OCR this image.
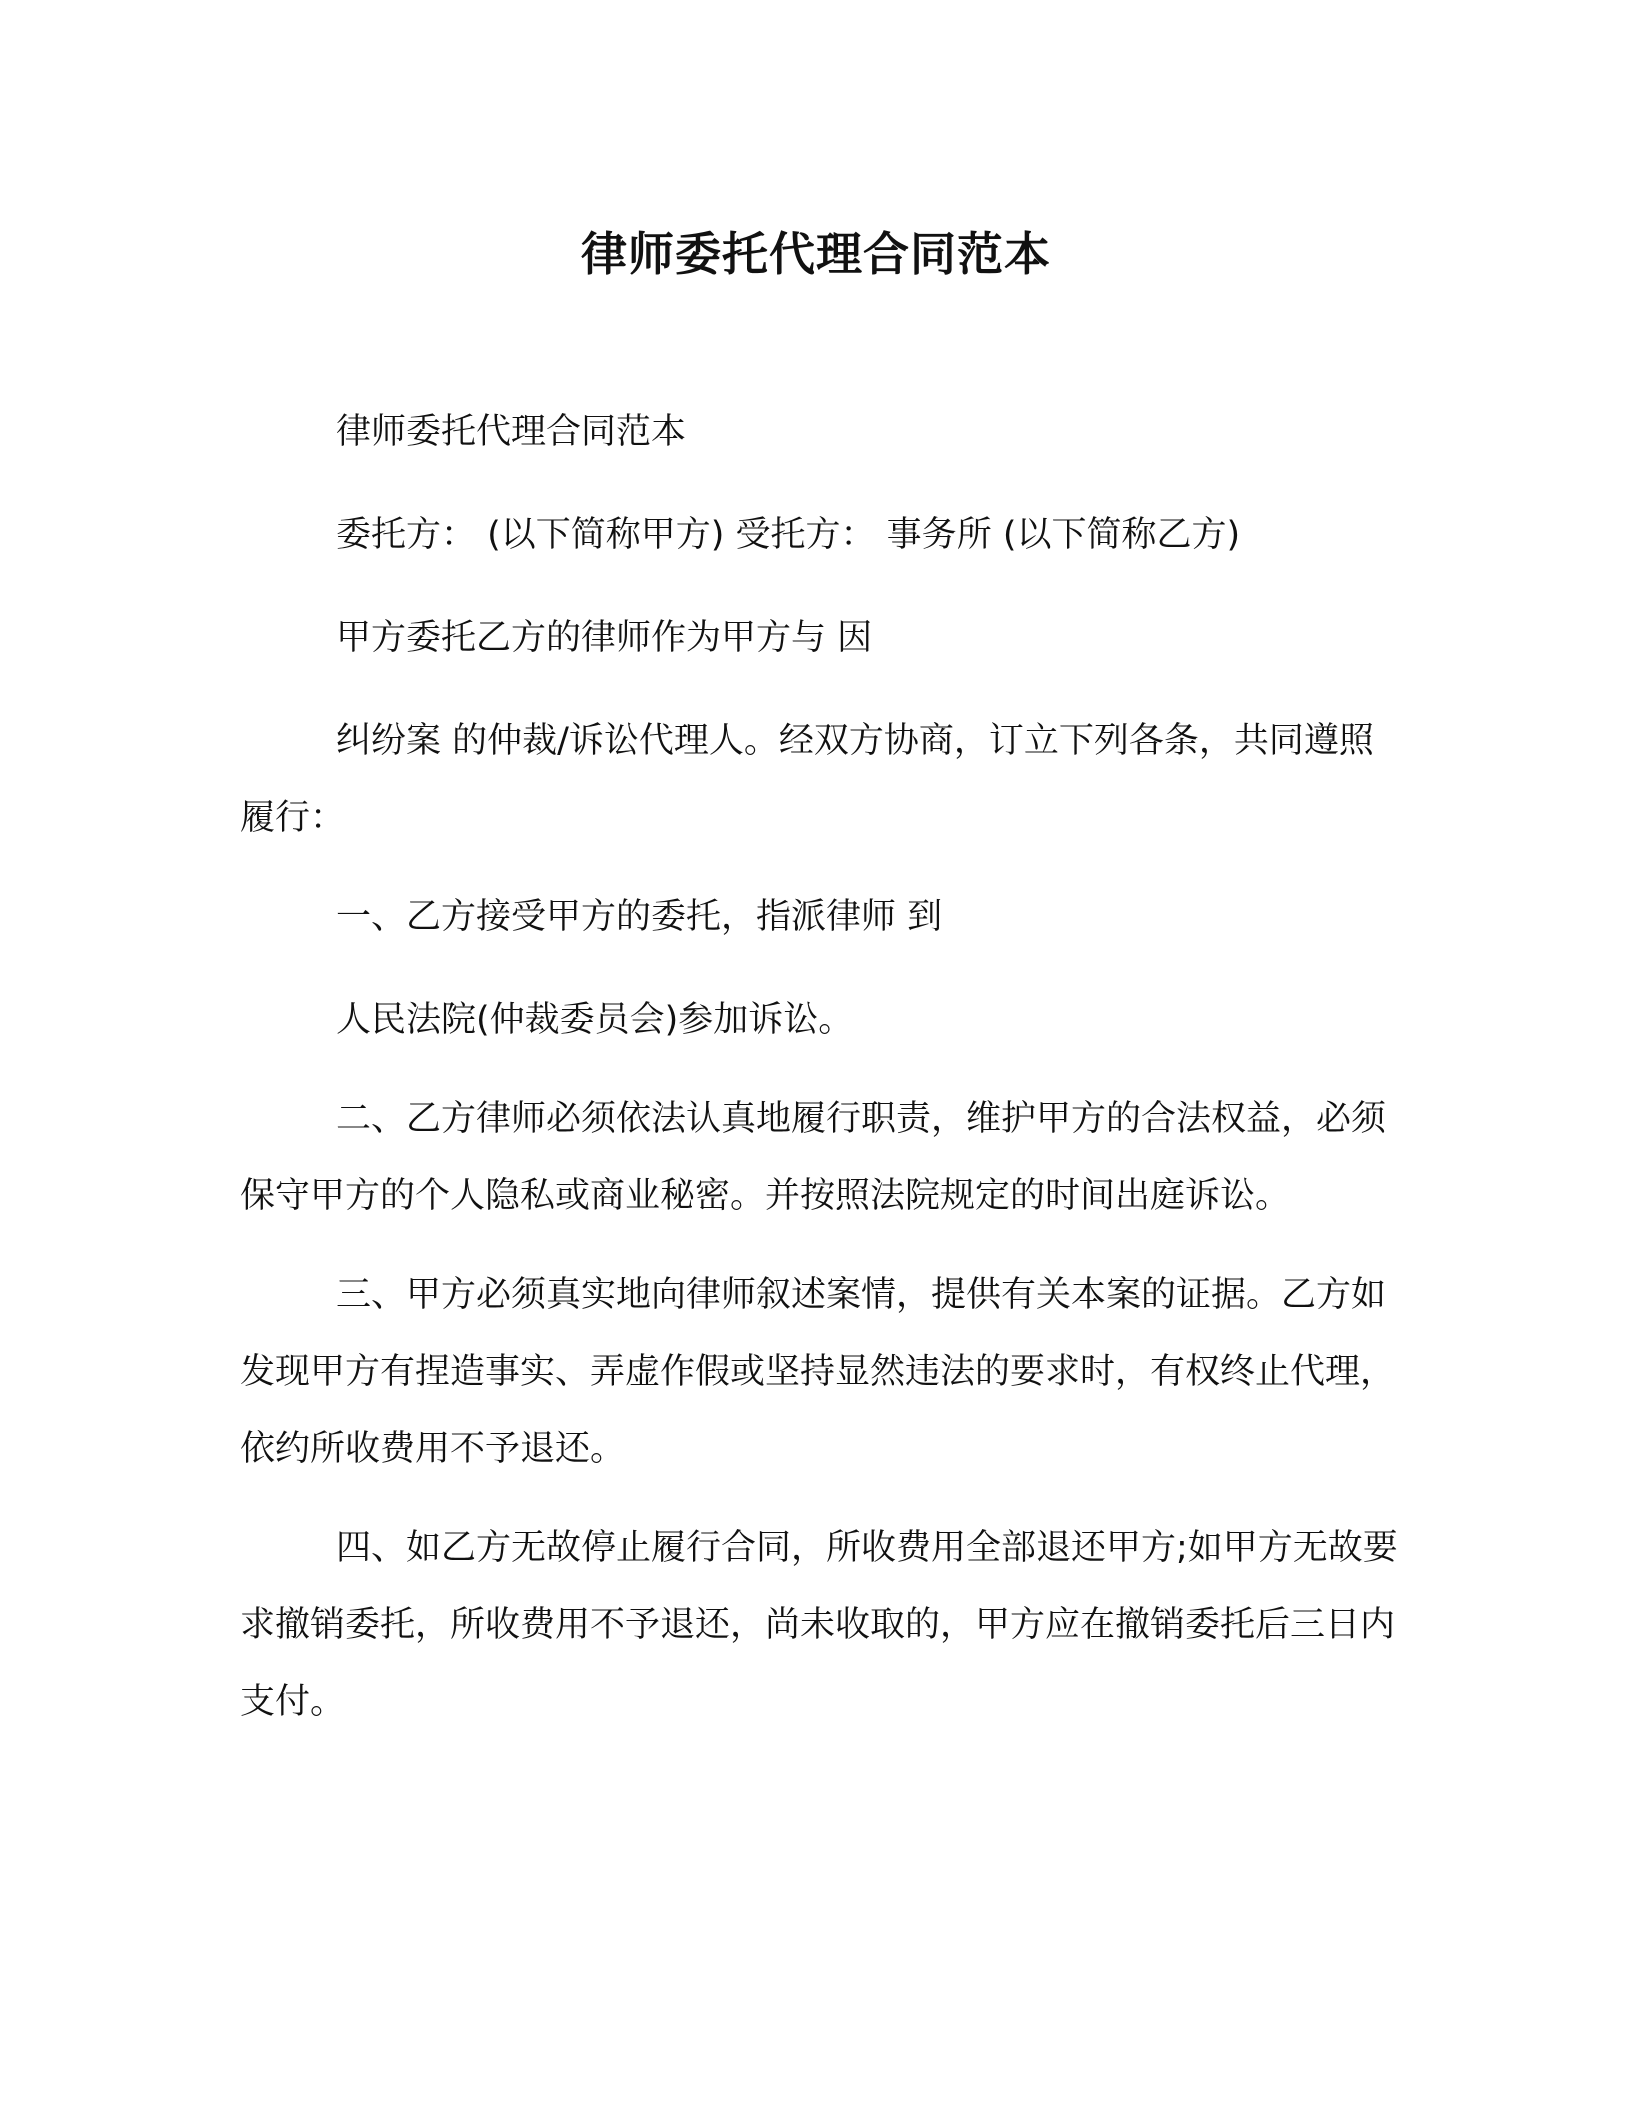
律师委托代理合同范本

律师委托代理合同范本

委托方： (以下简称甲方) 受托方： 事务所 (以下简称乙方)

甲方委托乙方的律师作为甲方与 因

纠纷案 的仲裁/诉讼代理人。经双方协商，订立下列各条，共同遵照履行：

一、乙方接受甲方的委托，指派律师 到

人民法院(仲裁委员会)参加诉讼。

二、乙方律师必须依法认真地履行职责，维护甲方的合法权益，必须保守甲方的个人隐私或商业秘密。并按照法院规定的时间出庭诉讼。

三、甲方必须真实地向律师叙述案情，提供有关本案的证据。乙方如发现甲方有捏造事实、弄虚作假或坚持显然违法的要求时，有权终止代理，依约所收费用不予退还。

四、如乙方无故停止履行合同，所收费用全部退还甲方;如甲方无故要求撤销委托，所收费用不予退还，尚未收取的，甲方应在撤销委托后三日内支付。
